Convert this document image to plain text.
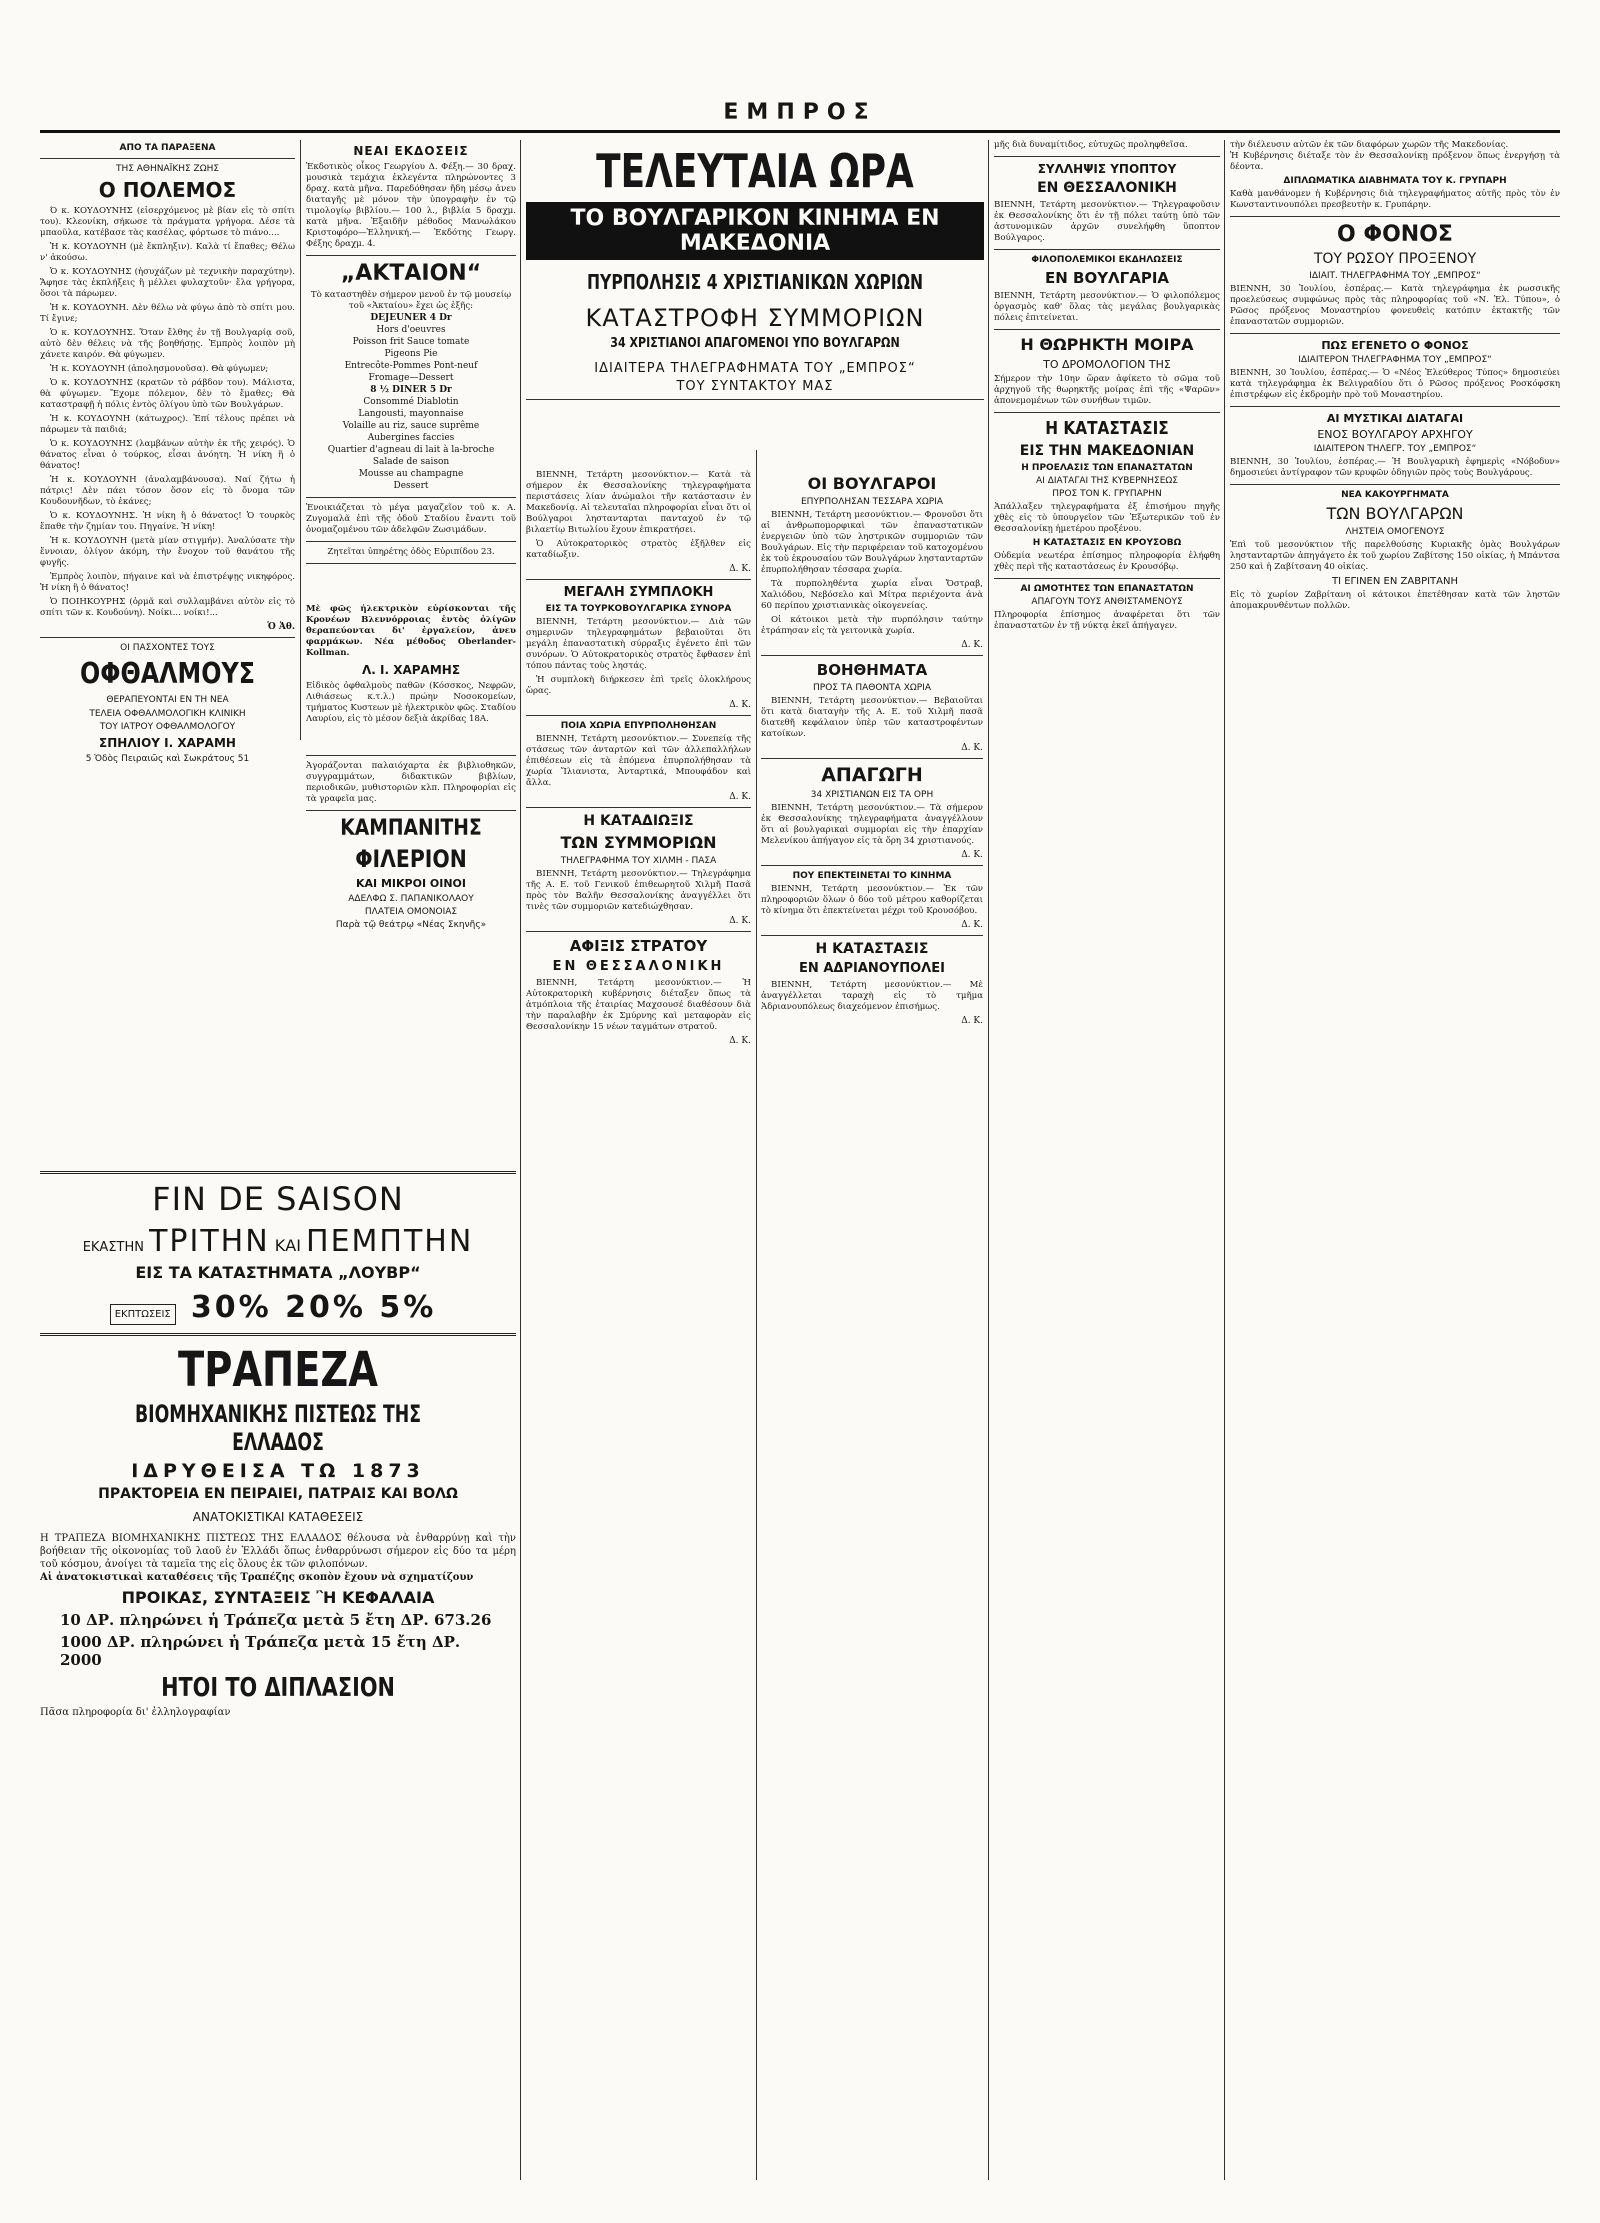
ΕΜΠΡΟΣ
ΑΠΟ ΤΑ ΠΑΡΑΞΕΝΑ
ΤΗΣ ΑΘΗΝΑΪΚΗΣ ΖΩΗΣ
Ο ΠΟΛΕΜΟΣ

Ό κ. ΚΟΥΔΟΥΝΗΣ (εἰσερχόμενος μὲ βίαν εἰς τὸ σπίτι του). Κλεονίκη, σήκωσε τὰ πράγματα γρήγορα. Δέσε τὰ μπαοῦλα, κατέβασε τὰς κασέλας, φόρτωσε τὸ πιάνο....

Ἡ κ. ΚΟΥΔΟΥΝΗ (μὲ ἔκπληξιν). Καλὰ τί ἔπαθες; Θέλω ν' ἀκούσω.

Ὁ κ. ΚΟΥΔΟΥΝΗΣ (ἠσυχάζων μὲ τεχνικὴν παραχύτην). Ἄφησε τὰς ἐκπλήξεις ἢ μέλλει φυλαχτοῦν· ἔλα γρήγορα, ὅσοι τὰ πάρωμεν.

Ἡ κ. ΚΟΥΔΟΥΝΗ. Δὲν θέλω νὰ φύγω ἀπὸ τὸ σπίτι μου. Τί ἔγινε;

Ὁ κ. ΚΟΥΔΟΥΝΗΣ. Ὅταν ἔλθης ἐν τῇ Βουλγαρίᾳ σοῦ, αὐτὸ δὲν θέλεις νὰ τῆς βοηθήσῃς. Ἐμπρὸς λοιπὸν μὴ χάνετε καιρόν. Θὰ φύγωμεν.

Ἡ κ. ΚΟΥΔΟΥΝΗ (ἀπολησμονοῦσα). Θὰ φύγωμεν;

Ὁ κ. ΚΟΥΔΟΥΝΗΣ (κρατῶν τὸ ράβδον του). Μάλιστα, θὰ φύγωμεν. Ἔχομε πόλεμον, δὲν τὸ ἔμαθες; Θὰ καταστραφῇ ἡ πόλις ἐντὸς ὀλίγου ὑπὸ τῶν Βουλγάρων.

Ἡ κ. ΚΟΥΔΟΥΝΗ (κάτωχρος). Ἐπί τέλους πρέπει νὰ πάρωμεν τὰ παιδιά;

Ὁ κ. ΚΟΥΔΟΥΝΗΣ (λαμβάνων αὐτὴν ἐκ τῆς χειρός). Ὁ θάνατος εἶναι ὁ τούρκος, εἶσαι ἀνόητη. Ἡ νίκη ἢ ὁ θάνατος!

Ἡ κ. ΚΟΥΔΟΥΝΗ (ἀναλαμβάνουσα). Ναί ζήτω ἡ πάτρις! Δὲν πάει τόσον ὅσον εἰς τὸ ὄνομα τῶν Κουδουνῆδων, τὸ ἐκάνες;

Ὁ κ. ΚΟΥΔΟΥΝΗΣ. Ἡ νίκη ἢ ὁ θάνατος! Ὁ τουρκὸς ἔπαθε τὴν ζημίαν του. Πηγαίνε. Ἡ νίκη!

Ἡ κ. ΚΟΥΔΟΥΝΗ (μετὰ μίαν στιγμήν). Ἀναλύσατε τὴν ἔννοιαν, ὀλίγον ἀκόμη, τὴν ἔνοχον τοῦ θανάτου τῆς φυγῆς.

Ἐμπρὸς λοιπὸν, πήγαινε καὶ νὰ ἐπιστρέψῃς νικηφόρος. Ἡ νίκη ἢ ὁ θάνατος!

Ὁ ΠΟΙΗΚΟΥΡΗΣ (ὁρμᾶ καὶ συλλαμβάνει αὐτὸν εἰς τὸ σπίτι τῶν κ. Κουδούνη). Νοίκι... νοίκι!...

Ὁ Ἀθ.
ΟΙ ΠΑΣΧΟΝΤΕΣ ΤΟΥΣ
ΟΦΘΑΛΜΟΥΣ
ΘΕΡΑΠΕΥΟΝΤΑΙ ΕΝ ΤΗ ΝΕΑ
ΤΕΛΕΙΑ ΟΦΘΑΛΜΟΛΟΓΙΚΗ ΚΛΙΝΙΚΗ
ΤΟΥ ΙΑΤΡΟΥ ΟΦΘΑΛΜΟΛΟΓΟΥ
ΣΠΗΛΙΟΥ Ι. ΧΑΡΑΜΗ
5 Ὁδὸς Πειραιῶς καὶ Σωκράτους 51
ΝΕΑΙ ΕΚΔΟΣΕΙΣ
Ἐκδοτικὸς οἶκος Γεωργίου Δ. Φέξη.— 30 δραχ. μουσικὰ τεμάχια ἐκλεγέντα πληρώνοντες 3 δραχ. κατὰ μῆνα. Παρεδόθησαν ἤδη μέσῳ ἀνευ διαταγῆς μὲ μόνον τὴν ὑπογραφὴν ἐν τῷ τιμολογίῳ βιβλίου.— 100 λ., βιβλία 5 δραχμ. κατὰ μῆνα. Ἐξαιδῆν μέθοδος Μανωλάκου Κριστοφόρο—Ἑλληνική.— Ἐκδότης Γεωργ. Φέξης δραχμ. 4.
„ΑΚΤΑΙΟΝ“
Τὸ καταστηθὲν σήμερον μενοῦ ἐν τῷ μουσείῳ τοῦ «Ἀκταίου» ἔχει ὡς ἑξῆς:
DEJEUNER 4 Dr
Hors d'oeuvres
Poisson frit Sauce tomate
Pigeons Pie
Entrecôte-Pommes Pont-neuf
Fromage—Dessert
8 ½ DINER 5 Dr
Consommé Diablotin
Langousti, mayonnaise
Volaille au riz, sauce suprême
Aubergines faccies
Quartier d'agneau di lait à la-broche
Salade de saison
Mousse au champagne
Dessert
Ἐνοικιάζεται τὸ μέγα μαγαζεῖον τοῦ κ. Α. Ζυγομαλᾶ ἐπὶ τῆς ὁδοῦ Σταδίου ἔναντι τοῦ ὀνομαζομένου τῶν ἀδελφῶν Ζωσιμάδων.
Ζητεῖται ὑπηρέτης ὁδὸς Εὐριπίδου 23.
Μὲ φῶς ἠλεκτρικὸν εὑρίσκονται τῆς Κρονέων Βλεννόρροιας ἐντὸς ὀλίγῶν θεραπεύονται δι' ἐργαλείον, ἀνευ φαρμάκων. Νέα μέθοδος Oberlander-Kollman.
Λ. Ι. ΧΑΡΑΜΗΣ
Εἰδικὸς ὀφθαλμοὺς παθῶν (Κόσσκος, Νεφρῶν, Λιθιάσεως κ.τ.λ.) πρώην Νοσοκομείων, τμήματος Κυστεων μὲ ἠλεκτρικὸν φῶς. Σταδίου Λαυρίου, εἰς τὸ μέσον δεξιὰ ἀκρίδας 18Α.
Ἀγοράζονται παλαιόχαρτα ἐκ βιβλιοθηκῶν, συγγραμμάτων, διδακτικῶν βιβλίων, περιοδικῶν, μυθιστοριῶν κλπ. Πληροφορίαι εἰς τὰ γραφεῖα μας.
ΚΑΜΠΑΝΙΤΗΣ
ΦΙΛΕΡΙΟΝ
ΚΑΙ ΜΙΚΡΟΙ ΟΙΝΟΙ
ΑΔΕΛΦΩ Σ. ΠΑΠΑΝΙΚΟΛΑΟΥ
ΠΛΑΤΕΙΑ ΟΜΟΝΟΙΑΣ
Παρὰ τῷ θεάτρῳ «Νέας Σκηνῆς»
FIN DE SAISON
ΕΚΑΣΤΗΝ ΤΡΙΤΗΝ ΚΑΙ ΠΕΜΠΤΗΝ
ΕΙΣ ΤΑ ΚΑΤΑΣΤΗΜΑΤΑ „ΛΟΥΒΡ“
ΕΚΠΤΩΣΕΙΣ 30% 20% 5%
ΤΡΑΠΕΖΑ
ΒΙΟΜΗΧΑΝΙΚΗΣ ΠΙΣΤΕΩΣ ΤΗΣ ΕΛΛΑΔΟΣ
ΙΔΡΥΘΕΙΣΑ ΤΩ 1873
ΠΡΑΚΤΟΡΕΙΑ ΕΝ ΠΕΙΡΑΙΕΙ, ΠΑΤΡΑΙΣ ΚΑΙ ΒΟΛΩ
ΑΝΑΤΟΚΙΣΤΙΚΑΙ ΚΑΤΑΘΕΣΕΙΣ
Η ΤΡΑΠΕΖΑ ΒΙΟΜΗΧΑΝΙΚΗΣ ΠΙΣΤΕΩΣ ΤΗΣ ΕΛΛΑΔΟΣ θέλουσα νὰ ἐνθαρρύνῃ καὶ τὴν βοήθειαν τῆς οἰκονομίας τοῦ λαοῦ ἐν Ἑλλάδι ὅπως ἐνθαρρύνωσι σήμερον εἰς δύο τα μέρη τοῦ κόσμου, ἀνοίγει τὰ ταμεῖα της εἰς ὅλους ἐκ τῶν φιλοπόνων.
Αἱ ἀνατοκιστικαὶ καταθέσεις τῆς Τραπέζης σκοπὸν ἔχουν νὰ σχηματίζουν
ΠΡΟΙΚΑΣ, ΣΥΝΤΑΞΕΙΣ Ἢ ΚΕΦΑΛΑΙΑ
10 ΔΡ. πληρώνει ἡ Τράπεζα μετὰ 5 ἔτη ΔΡ. 673.26
1000 ΔΡ. πληρώνει ἡ Τράπεζα μετὰ 15 ἔτη ΔΡ. 2000
ΗΤΟΙ ΤΟ ΔΙΠΛΑΣΙΟΝ
Πᾶσα πληροφορία δι' ἐλληλογραφίαν
ΤΕΛΕΥΤΑΙΑ ΩΡΑ
ΤΟ ΒΟΥΛΓΑΡΙΚΟΝ ΚΙΝΗΜΑ ΕΝ ΜΑΚΕΔΟΝΙΑ
ΠΥΡΠΟΛΗΣΙΣ 4 ΧΡΙΣΤΙΑΝΙΚΩΝ ΧΩΡΙΩΝ
ΚΑΤΑΣΤΡΟΦΗ ΣΥΜΜΟΡΙΩΝ
34 ΧΡΙΣΤΙΑΝΟΙ ΑΠΑΓΟΜΕΝΟΙ ΥΠΟ ΒΟΥΛΓΑΡΩΝ
ΙΔΙΑΙΤΕΡΑ ΤΗΛΕΓΡΑΦΗΜΑΤΑ ΤΟΥ „ΕΜΠΡΟΣ“
ΤΟΥ ΣΥΝΤΑΚΤΟΥ ΜΑΣ

ΒΙΕΝΝΗ, Τετάρτη μεσονύκτιον.— Κατὰ τὰ σήμερον ἐκ Θεσσαλονίκης τηλεγραφήματα περιστάσεις λίαν ἀνώμαλοι τῆν κατάστασιν ἐν Μακεδονίᾳ. Αἱ τελευταῖαι πληροφορίαι εἶναι ὅτι οἱ Βούλγαροι ληστανταρται πανταχοῦ ἐν τῷ βιλαετίῳ Βιτωλίου ἔχουν ἐπικρατήσει.

Ὁ Αὐτοκρατορικὸς στρατὸς ἐξῆλθεν εἰς καταδίωξιν.

Δ. Κ.
ΜΕΓΑΛΗ ΣΥΜΠΛΟΚΗ
ΕΙΣ ΤΑ ΤΟΥΡΚΟΒΟΥΛΓΑΡΙΚΑ ΣΥΝΟΡΑ

ΒΙΕΝΝΗ, Τετάρτη μεσονύκτιον.— Διὰ τῶν σημερινῶν τηλεγραφημάτων βεβαιοῦται ὅτι μεγάλη ἐπαναστατικὴ σύρραξις ἐγένετο ἐπὶ τῶν συνόρων. Ὁ Αὐτοκρατορικὸς στρατὸς ἔφθασεν ἐπὶ τόπου πάντας τοὺς ληστάς.

Ἡ συμπλοκὴ διήρκεσεν ἐπὶ τρεῖς ὁλοκλήρους ὥρας.

Δ. Κ.
ΠΟΙΑ ΧΩΡΙΑ ΕΠΥΡΠΟΛΗΘΗΣΑΝ

ΒΙΕΝΝΗ, Τετάρτη μεσονύκτιον.— Συνεπείᾳ τῆς στάσεως τῶν ἀνταρτῶν καὶ τῶν ἀλλεπαλλήλων ἐπιθέσεων εἰς τὰ ἑπόμενα ἐπυρπολήθησαν τὰ χωρία Ἴλιανιστα, Ἀνταρτικά, Μπουφάδον καὶ ἄλλα.

Δ. Κ.
Η ΚΑΤΑΔΙΩΞΙΣ
ΤΩΝ ΣΥΜΜΟΡΙΩΝ
ΤΗΛΕΓΡΑΦΗΜΑ ΤΟΥ ΧΙΛΜΗ - ΠΑΣΑ

ΒΙΕΝΝΗ, Τετάρτη μεσονύκτιον.— Τηλεγράφημα τῆς Α. Ε. τοῦ Γενικοῦ ἐπιθεωρητοῦ Χιλμῆ Πασᾶ πρὸς τὸν Βαλῆν Θεσσαλονίκης ἀναγγέλλει ὅτι τινὲς τῶν συμμοριῶν κατεδιώχθησαν.

Δ. Κ.
ΑΦΙΞΙΣ ΣΤΡΑΤΟΥ
ΕΝ ΘΕΣΣΑΛΟΝΙΚΗ

ΒΙΕΝΝΗ, Τετάρτη μεσονύκτιον.— Ἡ Αὐτοκρατορικὴ κυβέρνησις διέταξεν ὅπως τὰ ἀτμόπλοια τῆς ἑταιρίας Μαχσουσέ διαθέσουν διὰ τὴν παραλαβὴν ἐκ Σμύρνης καὶ μεταφορὰν εἰς Θεσσαλονίκην 15 νέων ταγμάτων στρατοῦ.

Δ. Κ.
ΟΙ ΒΟΥΛΓΑΡΟΙ
ΕΠΥΡΠΟΛΗΣΑΝ ΤΕΣΣΑΡΑ ΧΩΡΙΑ

ΒΙΕΝΝΗ, Τετάρτη μεσονύκτιον.— Φρονοῦσι ὅτι αἱ ἀνθρωπομορφικαὶ τῶν ἐπαναστατικῶν ἐνεργειῶν ὑπὸ τῶν ληστρικῶν συμμοριῶν τῶν Βουλγάρων. Εἰς τὴν περιφέρειαν τοῦ κατοχομένου ἐκ τοῦ ἐκρουσαίου τῶν Βουλγάρων ληστανταρτῶν ἐπυρπολήθησαν τέσσαρα χωρία.

Τὰ πυρποληθέντα χωρία εἶναι Ὄστραβ, Χαλιόδου, Νεβόσελο καὶ Μίτρα περιέχοντα ἀνὰ 60 περίπου χριστιανικὰς οἰκογενείας.

Οἱ κάτοικοι μετὰ τὴν πυρπόλησιν ταύτην ἐτράπησαν εἰς τὰ γειτονικὰ χωρία.

Δ. Κ.
ΒΟΗΘΗΜΑΤΑ
ΠΡΟΣ ΤΑ ΠΑΘΟΝΤΑ ΧΩΡΙΑ

ΒΙΕΝΝΗ, Τετάρτη μεσονύκτιον.— Βεβαιοῦται ὅτι κατὰ διαταγὴν τῆς Α. Ε. τοῦ Χιλμῆ πασᾶ διατεθῆ κεφάλαιον ὑπὲρ τῶν καταστροφέντων κατοίκων.

Δ. Κ.
ΑΠΑΓΩΓΗ
34 ΧΡΙΣΤΙΑΝΩΝ ΕΙΣ ΤΑ ΟΡΗ

ΒΙΕΝΝΗ, Τετάρτη μεσονύκτιον.— Τὰ σήμερον ἐκ Θεσσαλονίκης τηλεγραφήματα ἀναγγέλλουν ὅτι αἱ βουλγαρικαὶ συμμορίαι εἰς τὴν ἐπαρχίαν Μελενίκου ἀπήγαγον εἰς τὰ ὄρη 34 χριστιανούς.

Δ. Κ.
ΠΟΥ ΕΠΕΚΤΕΙΝΕΤΑΙ ΤΟ ΚΙΝΗΜΑ

ΒΙΕΝΝΗ, Τετάρτη μεσονύκτιον.— Ἐκ τῶν πληροφοριῶν ὅλων ὁ δύο τοῦ μέτρου καθορίζεται τὸ κίνημα ὅτι ἐπεκτείνεται μέχρι τοῦ Κρουσόβου.

Δ. Κ.
Η ΚΑΤΑΣΤΑΣΙΣ
ΕΝ ΑΔΡΙΑΝΟΥΠΟΛΕΙ

ΒΙΕΝΝΗ, Τετάρτη μεσονύκτιον.— Μὲ ἀναγγέλλεται ταραχὴ εἰς τὸ τμῆμα Ἀδριανουπόλεως διαχεόμενον ἐπισήμως.

Δ. Κ.
μῆς διὰ δυναμίτιδος, εὐτυχῶς προληφθεῖσα.
ΣΥΛΛΗΨΙΣ ΥΠΟΠΤΟΥ
ΕΝ ΘΕΣΣΑΛΟΝΙΚΗ
ΒΙΕΝΝΗ, Τετάρτη μεσονύκτιον.— Τηλεγραφοῦσιν ἐκ Θεσσαλονίκης ὅτι ἐν τῇ πόλει ταύτῃ ὑπὸ τῶν ἀστυνομικῶν ἀρχῶν συνελήφθη ὕποπτον Βούλγαρος.
ΦΙΛΟΠΟΛΕΜΙΚΟΙ ΕΚΔΗΛΩΣΕΙΣ
ΕΝ ΒΟΥΛΓΑΡΙΑ
ΒΙΕΝΝΗ, Τετάρτη μεσονύκτιον.— Ὁ φιλοπόλεμος ὀργασμὸς καθ' ὅλας τὰς μεγάλας βουλγαρικὰς πόλεις ἐπιτείνεται.
Η ΘΩΡΗΚΤΗ ΜΟΙΡΑ
ΤΟ ΔΡΟΜΟΛΟΓΙΟΝ ΤΗΣ
Σήμερον τὴν 10ην ὥραν ἀφίκετο τὸ σῶμα τοῦ ἀρχηγοῦ τῆς θωρηκτῆς μοίρας ἐπὶ τῆς «Ψαρῶν» ἀπονεμομένων τῶν συνήθων τιμῶν.
Η ΚΑΤΑΣΤΑΣΙΣ
ΕΙΣ ΤΗΝ ΜΑΚΕΔΟΝΙΑΝ
Η ΠΡΟΕΛΑΣΙΣ ΤΩΝ ΕΠΑΝΑΣΤΑΤΩΝ
ΑΙ ΔΙΑΤΑΓΑΙ ΤΗΣ ΚΥΒΕΡΝΗΣΕΩΣ
ΠΡΟΣ ΤΟΝ Κ. ΓΡΥΠΑΡΗΝ
Ἀπάλλαξεν τηλεγραφήματα ἐξ ἐπισήμου πηγῆς χθὲς εἰς τὸ ὑπουργεῖον τῶν Ἐξωτερικῶν τοῦ ἐν Θεσσαλονίκῃ ἡμετέρου προξένου.
Η ΚΑΤΑΣΤΑΣΙΣ ΕΝ ΚΡΟΥΣΟΒΩ
Οὐδεμία νεωτέρα ἐπίσημος πληροφορία ἐλήφθη χθὲς περὶ τῆς καταστάσεως ἐν Κρουσόβῳ.
ΑΙ ΩΜΟΤΗΤΕΣ ΤΩΝ ΕΠΑΝΑΣΤΑΤΩΝ
ΑΠΑΓΟΥΝ ΤΟΥΣ ΑΝΘΙΣΤΑΜΕΝΟΥΣ
Πληροφορία ἐπίσημος ἀναφέρεται ὅτι τῶν ἐπαναστατῶν ἐν τῇ νύκτᾳ ἐκεῖ ἀπήγαγεν.
τὴν διέλευσιν αὐτῶν ἐκ τῶν διαφόρων χωρῶν τῆς Μακεδονίας.
Ἡ Κυβέρνησις διέταξε τὸν ἐν Θεσσαλονίκῃ πρόξενον ὅπως ἐνεργήσῃ τὰ δέοντα.
ΔΙΠΛΩΜΑΤΙΚΑ ΔΙΑΒΗΜΑΤΑ ΤΟΥ Κ. ΓΡΥΠΑΡΗ
Καθὰ μανθάνομεν ἡ Κυβέρνησις διὰ τηλεγραφήματος αὐτῆς πρὸς τὸν ἐν Κωνσταντινουπόλει πρεσβευτὴν κ. Γρυπάρην.
Ο ΦΟΝΟΣ
ΤΟΥ ΡΩΣΟΥ ΠΡΟΞΕΝΟΥ
ΙΔΙΑΙΤ. ΤΗΛΕΓΡΑΦΗΜΑ ΤΟΥ „ΕΜΠΡΟΣ“
ΒΙΕΝΝΗ, 30 Ἰουλίου, ἑσπέρας.— Κατὰ τηλεγράφημα ἐκ ρωσσικῆς προελεύσεως συμφώνως πρὸς τὰς πληροφορίας τοῦ «Ν. Ἐλ. Τύπου», ὁ Ρῶσος πρόξενος Μοναστηρίου φονευθεὶς κατόπιν ἐκτακτῆς τῶν ἐπαναστατῶν συμμοριῶν.
ΠΩΣ ΕΓΕΝΕΤΟ Ο ΦΟΝΟΣ
ΙΔΙΑΙΤΕΡΟΝ ΤΗΛΕΓΡΑΦΗΜΑ ΤΟΥ „ΕΜΠΡΟΣ“
ΒΙΕΝΝΗ, 30 Ἰουλίου, ἑσπέρας.— Ὁ «Νέος Ἐλεύθερος Τύπος» δημοσιεύει κατὰ τηλεγράφημα ἐκ Βελιγραδίου ὅτι ὁ Ρῶσος πρόξενος Ροσκόφσκη ἐπιστρέφων εἰς ἐκδρομὴν πρὸ τοῦ Μοναστηρίου.
ΑΙ ΜΥΣΤΙΚΑΙ ΔΙΑΤΑΓΑΙ
ΕΝΟΣ ΒΟΥΛΓΑΡΟΥ ΑΡΧΗΓΟΥ
ΙΔΙΑΙΤΕΡΟΝ ΤΗΛΕΓΡ. ΤΟΥ „ΕΜΠΡΟΣ“
ΒΙΕΝΝΗ, 30 Ἰουλίου, ἑσπέρας.— Ἡ Βουλγαρικὴ ἐφημερὶς «Νόβοδυν» δημοσιεύει ἀντίγραφον τῶν κρυφῶν ὁδηγιῶν πρὸς τοὺς Βουλγάρους.
ΝΕΑ ΚΑΚΟΥΡΓΗΜΑΤΑ
ΤΩΝ ΒΟΥΛΓΑΡΩΝ
ΛΗΣΤΕΙΑ ΟΜΟΓΕΝΟΥΣ
Ἐπὶ τοῦ μεσονύκτιον τῆς παρελθούσης Κυριακῆς ὁμὰς Βουλγάρων ληστανταρτῶν ἀπηγάγετο ἐκ τοῦ χωρίου Ζαβίτσης 150 οἰκίας, ἡ Μπάντσα 250 καὶ ἡ Ζαβίτσανη 40 οἰκίας.
ΤΙ ΕΓΙΝΕΝ ΕΝ ΖΑΒΡΙΤΑΝΗ
Εἰς τὸ χωρίον Ζαβρίτανη οἱ κάτοικοι ἐπετέθησαν κατὰ τῶν ληστῶν ἀπομακρυνθέντων πολλῶν.
